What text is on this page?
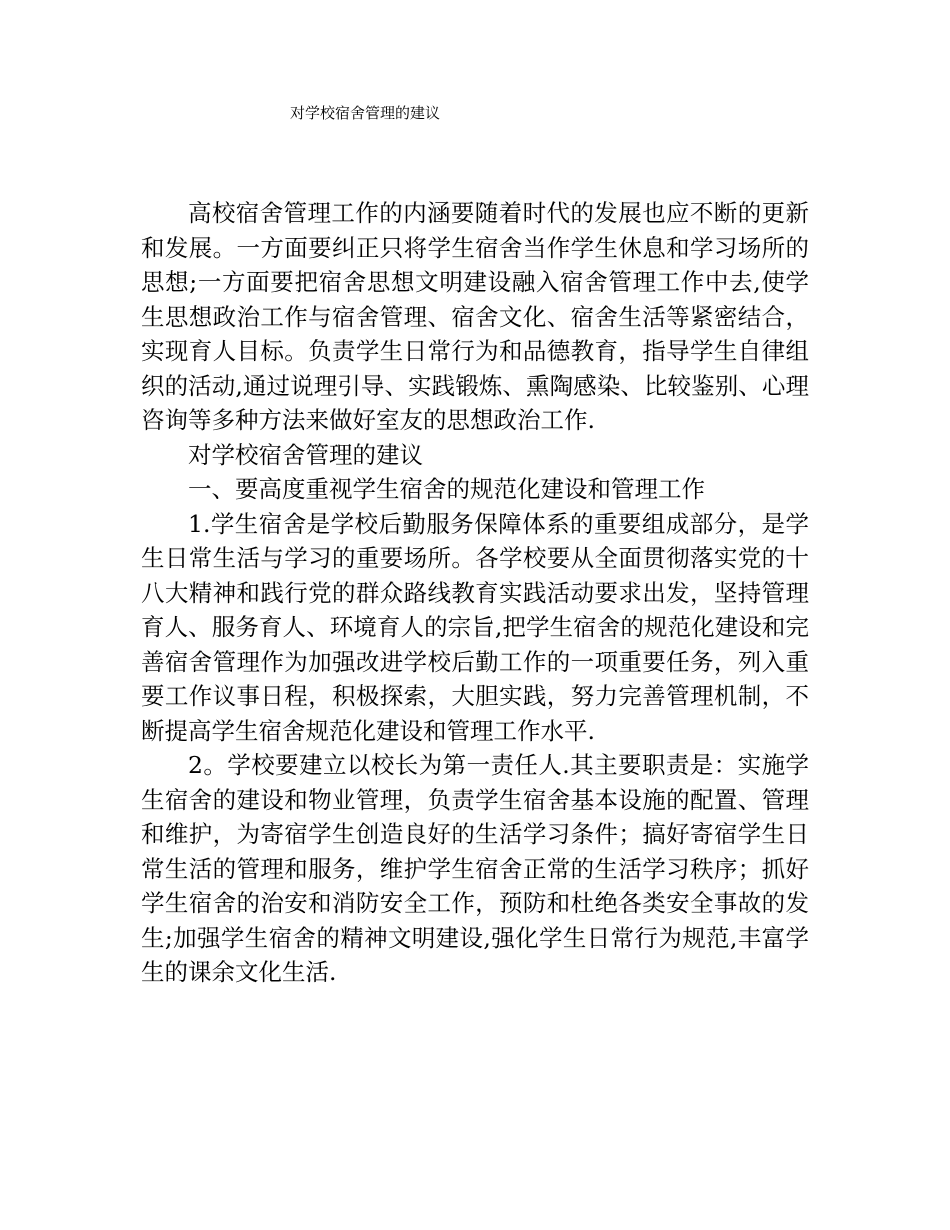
对学校宿舍管理的建议

高校宿舍管理工作的内涵要随着时代的发展也应不断的更新和发展。一方面要纠正只将学生宿舍当作学生休息和学习场所的思想;一方面要把宿舍思想文明建设融入宿舍管理工作中去,使学生思想政治工作与宿舍管理、宿舍文化、宿舍生活等紧密结合，实现育人目标。负责学生日常行为和品德教育，指导学生自律组织的活动,通过说理引导、实践锻炼、熏陶感染、比较鉴别、心理咨询等多种方法来做好室友的思想政治工作.

对学校宿舍管理的建议

一、要高度重视学生宿舍的规范化建设和管理工作

1.学生宿舍是学校后勤服务保障体系的重要组成部分，是学生日常生活与学习的重要场所。各学校要从全面贯彻落实党的十八大精神和践行党的群众路线教育实践活动要求出发，坚持管理育人、服务育人、环境育人的宗旨,把学生宿舍的规范化建设和完善宿舍管理作为加强改进学校后勤工作的一项重要任务，列入重要工作议事日程，积极探索，大胆实践，努力完善管理机制，不断提高学生宿舍规范化建设和管理工作水平.

2。学校要建立以校长为第一责任人.其主要职责是：实施学生宿舍的建设和物业管理，负责学生宿舍基本设施的配置、管理和维护，为寄宿学生创造良好的生活学习条件；搞好寄宿学生日常生活的管理和服务，维护学生宿舍正常的生活学习秩序；抓好学生宿舍的治安和消防安全工作，预防和杜绝各类安全事故的发生;加强学生宿舍的精神文明建设,强化学生日常行为规范,丰富学生的课余文化生活.
